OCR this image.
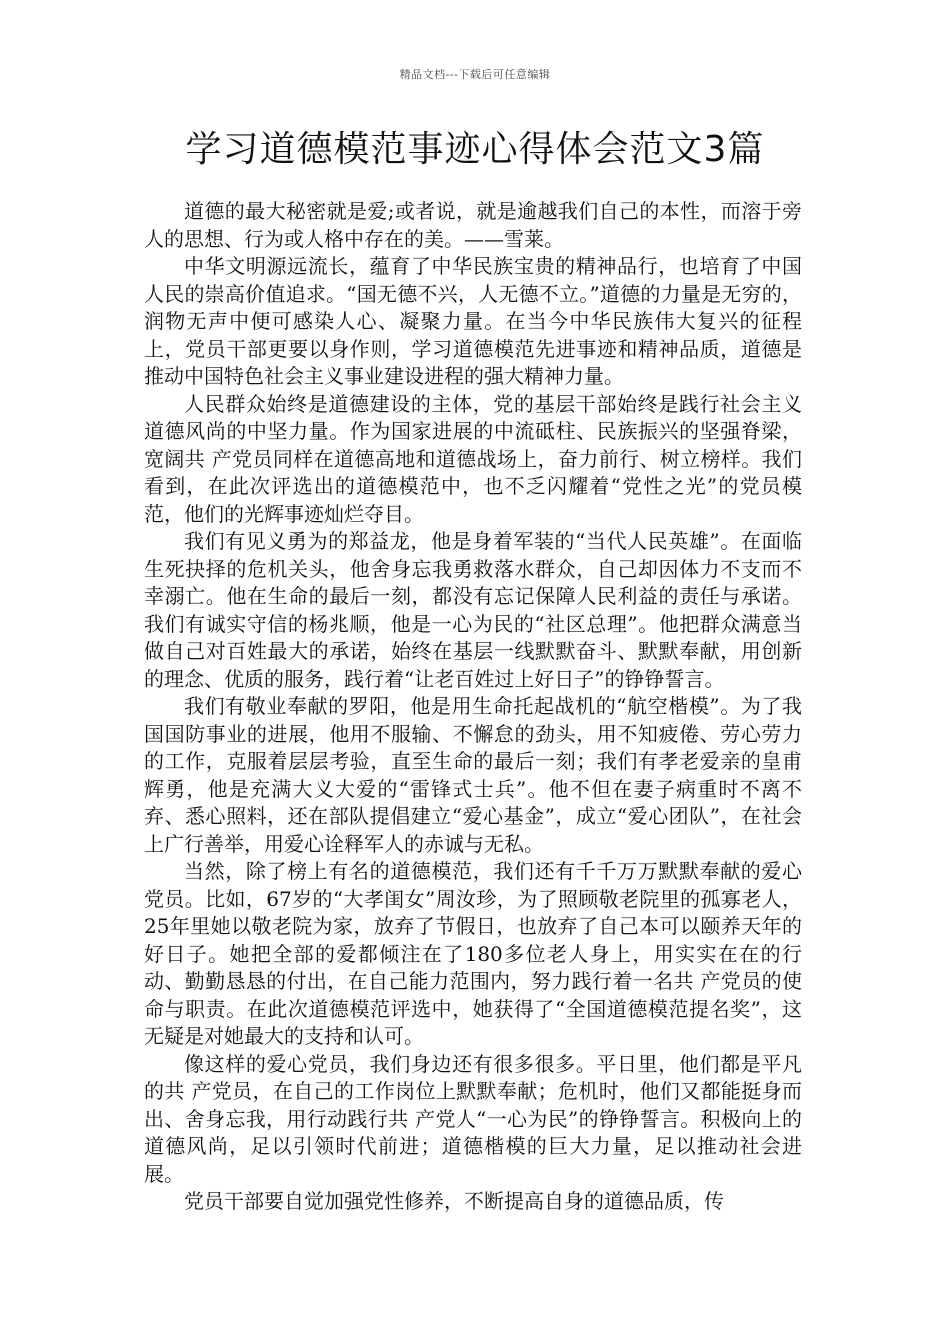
精品文档---下载后可任意编辑
学习道德模范事迹心得体会范文3篇

道德的最大秘密就是爱;或者说，就是逾越我们自己的本性，而溶于旁人的思想、行为或人格中存在的美。——雪莱。

中华文明源远流长，蕴育了中华民族宝贵的精神品行，也培育了中国人民的崇高价值追求。“国无德不兴，人无德不立。”道德的力量是无穷的，润物无声中便可感染人心、凝聚力量。在当今中华民族伟大复兴的征程上，党员干部更要以身作则，学习道德模范先进事迹和精神品质，道德是推动中国特色社会主义事业建设进程的强大精神力量。

人民群众始终是道德建设的主体，党的基层干部始终是践行社会主义道德风尚的中坚力量。作为国家进展的中流砥柱、民族振兴的坚强脊梁，宽阔共 产党员同样在道德高地和道德战场上，奋力前行、树立榜样。我们看到，在此次评选出的道德模范中，也不乏闪耀着“党性之光”的党员模范，他们的光辉事迹灿烂夺目。

我们有见义勇为的郑益龙，他是身着军装的“当代人民英雄”。在面临生死抉择的危机关头，他舍身忘我勇救落水群众，自己却因体力不支而不幸溺亡。他在生命的最后一刻，都没有忘记保障人民利益的责任与承诺。我们有诚实守信的杨兆顺，他是一心为民的“社区总理”。他把群众满意当做自己对百姓最大的承诺，始终在基层一线默默奋斗、默默奉献，用创新的理念、优质的服务，践行着“让老百姓过上好日子”的铮铮誓言。

我们有敬业奉献的罗阳，他是用生命托起战机的“航空楷模”。为了我国国防事业的进展，他用不服输、不懈怠的劲头，用不知疲倦、劳心劳力的工作，克服着层层考验，直至生命的最后一刻；我们有孝老爱亲的皇甫辉勇，他是充满大义大爱的“雷锋式士兵”。他不但在妻子病重时不离不弃、悉心照料，还在部队提倡建立“爱心基金”，成立“爱心团队”，在社会上广行善举，用爱心诠释军人的赤诚与无私。

当然，除了榜上有名的道德模范，我们还有千千万万默默奉献的爱心党员。比如，67岁的“大孝闺女”周汝珍，为了照顾敬老院里的孤寡老人，25年里她以敬老院为家，放弃了节假日，也放弃了自己本可以颐养天年的好日子。她把全部的爱都倾注在了180多位老人身上，用实实在在的行动、勤勤恳恳的付出，在自己能力范围内，努力践行着一名共 产党员的使命与职责。在此次道德模范评选中，她获得了“全国道德模范提名奖”，这无疑是对她最大的支持和认可。

像这样的爱心党员，我们身边还有很多很多。平日里，他们都是平凡的共 产党员，在自己的工作岗位上默默奉献；危机时，他们又都能挺身而出、舍身忘我，用行动践行共 产党人“一心为民”的铮铮誓言。积极向上的道德风尚，足以引领时代前进；道德楷模的巨大力量，足以推动社会进展。

党员干部要自觉加强党性修养，不断提高自身的道德品质，传
